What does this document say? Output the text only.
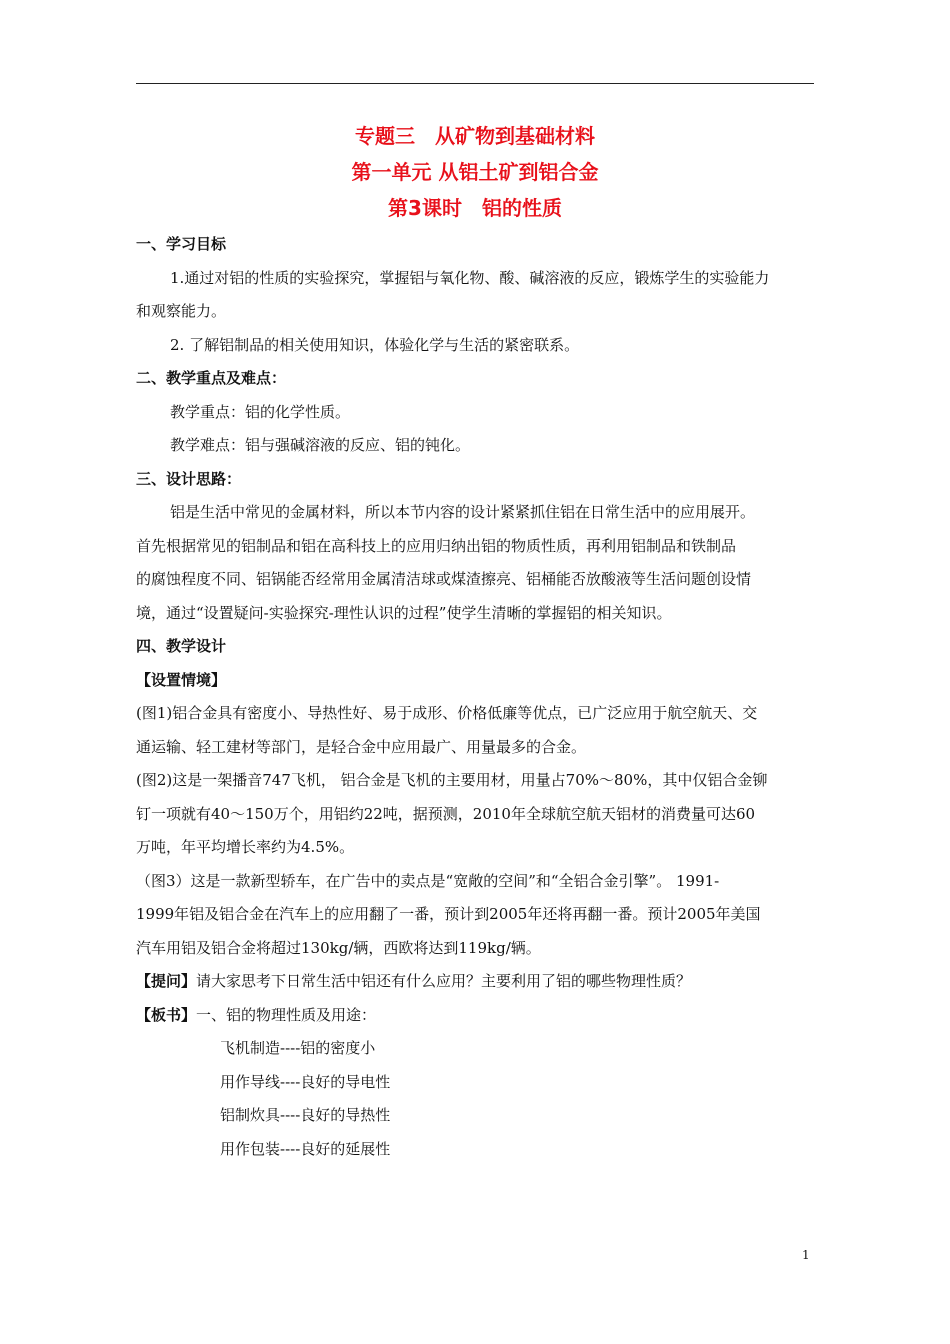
专题三　从矿物到基础材料
第一单元 从铝土矿到铝合金
第3课时　铝的性质
一、学习目标
1.通过对铝的性质的实验探究，掌握铝与氧化物、酸、碱溶液的反应，锻炼学生的实验能力
和观察能力。
2. 了解铝制品的相关使用知识，体验化学与生活的紧密联系。
二、教学重点及难点：
教学重点：铝的化学性质。
教学难点：铝与强碱溶液的反应、铝的钝化。
三、设计思路：
铝是生活中常见的金属材料，所以本节内容的设计紧紧抓住铝在日常生活中的应用展开。
首先根据常见的铝制品和铝在高科技上的应用归纳出铝的物质性质，再利用铝制品和铁制品
的腐蚀程度不同、铝锅能否经常用金属清洁球或煤渣擦亮、铝桶能否放酸液等生活问题创设情
境，通过“设置疑问-实验探究-理性认识的过程”使学生清晰的掌握铝的相关知识。
四、教学设计
【设置情境】
(图1)铝合金具有密度小、导热性好、易于成形、价格低廉等优点，已广泛应用于航空航天、交
通运输、轻工建材等部门，是轻合金中应用最广、用量最多的合金。
(图2)这是一架播音747飞机， 铝合金是飞机的主要用材，用量占70%～80%，其中仅铝合金铆
钉一项就有40～150万个，用铝约22吨，据预测，2010年全球航空航天铝材的消费量可达60
万吨，年平均增长率约为4.5%。
（图3）这是一款新型轿车，在广告中的卖点是“宽敞的空间”和“全铝合金引擎”。 1991-
1999年铝及铝合金在汽车上的应用翻了一番，预计到2005年还将再翻一番。预计2005年美国
汽车用铝及铝合金将超过130kg/辆，西欧将达到119kg/辆。
【提问】请大家思考下日常生活中铝还有什么应用？主要利用了铝的哪些物理性质？
【板书】一、铝的物理性质及用途：
飞机制造----铝的密度小
用作导线----良好的导电性
铝制炊具----良好的导热性
用作包装----良好的延展性
1
